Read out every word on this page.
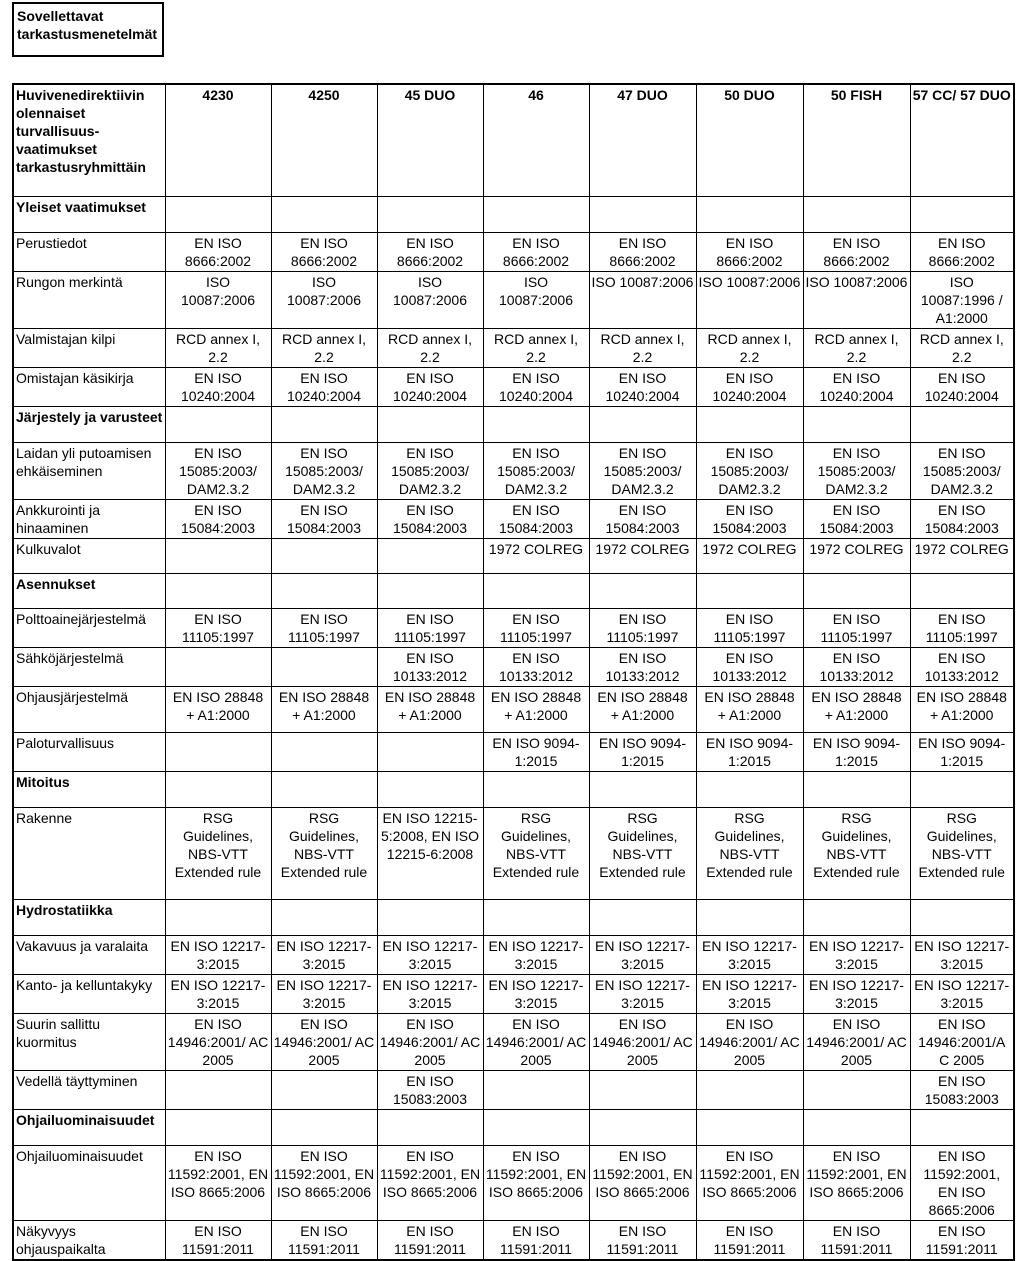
Sovellettavat tarkastusmenetelmät
Huvivenedirektiivin olennaiset turvallisuus-vaatimukset tarkastusryhmittäin	4230	4250	45 DUO	46	47 DUO	50 DUO	50 FISH	57 CC/ 57 DUO
Yleiset vaatimukset								
Perustiedot	EN ISO 8666:2002	EN ISO 8666:2002	EN ISO 8666:2002	EN ISO 8666:2002	EN ISO 8666:2002	EN ISO 8666:2002	EN ISO 8666:2002	EN ISO 8666:2002
Rungon merkintä	ISO 10087:2006	ISO 10087:2006	ISO 10087:2006	ISO 10087:2006	ISO 10087:2006	ISO 10087:2006	ISO 10087:2006	ISO 10087:1996 / A1:2000
Valmistajan kilpi	RCD annex I, 2.2	RCD annex I, 2.2	RCD annex I, 2.2	RCD annex I, 2.2	RCD annex I, 2.2	RCD annex I, 2.2	RCD annex I, 2.2	RCD annex I, 2.2
Omistajan käsikirja	EN ISO 10240:2004	EN ISO 10240:2004	EN ISO 10240:2004	EN ISO 10240:2004	EN ISO 10240:2004	EN ISO 10240:2004	EN ISO 10240:2004	EN ISO 10240:2004
Järjestely ja varusteet								
Laidan yli putoamisen ehkäiseminen	EN ISO 15085:2003/ DAM2.3.2	EN ISO 15085:2003/ DAM2.3.2	EN ISO 15085:2003/ DAM2.3.2	EN ISO 15085:2003/ DAM2.3.2	EN ISO 15085:2003/ DAM2.3.2	EN ISO 15085:2003/ DAM2.3.2	EN ISO 15085:2003/ DAM2.3.2	EN ISO 15085:2003/ DAM2.3.2
Ankkurointi ja hinaaminen	EN ISO 15084:2003	EN ISO 15084:2003	EN ISO 15084:2003	EN ISO 15084:2003	EN ISO 15084:2003	EN ISO 15084:2003	EN ISO 15084:2003	EN ISO 15084:2003
Kulkuvalot				1972 COLREG	1972 COLREG	1972 COLREG	1972 COLREG	1972 COLREG
Asennukset								
Polttoainejärjestelmä	EN ISO 11105:1997	EN ISO 11105:1997	EN ISO 11105:1997	EN ISO 11105:1997	EN ISO 11105:1997	EN ISO 11105:1997	EN ISO 11105:1997	EN ISO 11105:1997
Sähköjärjestelmä			EN ISO 10133:2012	EN ISO 10133:2012	EN ISO 10133:2012	EN ISO 10133:2012	EN ISO 10133:2012	EN ISO 10133:2012
Ohjausjärjestelmä	EN ISO 28848 + A1:2000	EN ISO 28848 + A1:2000	EN ISO 28848 + A1:2000	EN ISO 28848 + A1:2000	EN ISO 28848 + A1:2000	EN ISO 28848 + A1:2000	EN ISO 28848 + A1:2000	EN ISO 28848 + A1:2000
Paloturvallisuus				EN ISO 9094-1:2015	EN ISO 9094-1:2015	EN ISO 9094-1:2015	EN ISO 9094-1:2015	EN ISO 9094-1:2015
Mitoitus								
Rakenne	RSG Guidelines, NBS-VTT Extended rule	RSG Guidelines, NBS-VTT Extended rule	EN ISO 12215-5:2008, EN ISO 12215-6:2008	RSG Guidelines, NBS-VTT Extended rule	RSG Guidelines, NBS-VTT Extended rule	RSG Guidelines, NBS-VTT Extended rule	RSG Guidelines, NBS-VTT Extended rule	RSG Guidelines, NBS-VTT Extended rule
Hydrostatiikka								
Vakavuus ja varalaita	EN ISO 12217-3:2015	EN ISO 12217-3:2015	EN ISO 12217-3:2015	EN ISO 12217-3:2015	EN ISO 12217-3:2015	EN ISO 12217-3:2015	EN ISO 12217-3:2015	EN ISO 12217-3:2015
Kanto- ja kelluntakyky	EN ISO 12217-3:2015	EN ISO 12217-3:2015	EN ISO 12217-3:2015	EN ISO 12217-3:2015	EN ISO 12217-3:2015	EN ISO 12217-3:2015	EN ISO 12217-3:2015	EN ISO 12217-3:2015
Suurin sallittu kuormitus	EN ISO 14946:2001/ AC 2005	EN ISO 14946:2001/ AC 2005	EN ISO 14946:2001/ AC 2005	EN ISO 14946:2001/ AC 2005	EN ISO 14946:2001/ AC 2005	EN ISO 14946:2001/ AC 2005	EN ISO 14946:2001/ AC 2005	EN ISO 14946:2001/A C 2005
Vedellä täyttyminen			EN ISO 15083:2003					EN ISO 15083:2003
Ohjailuominaisuudet								
Ohjailuominaisuudet	EN ISO 11592:2001, EN ISO 8665:2006	EN ISO 11592:2001, EN ISO 8665:2006	EN ISO 11592:2001, EN ISO 8665:2006	EN ISO 11592:2001, EN ISO 8665:2006	EN ISO 11592:2001, EN ISO 8665:2006	EN ISO 11592:2001, EN ISO 8665:2006	EN ISO 11592:2001, EN ISO 8665:2006	EN ISO 11592:2001, EN ISO 8665:2006
Näkyvyys ohjauspaikalta	EN ISO 11591:2011	EN ISO 11591:2011	EN ISO 11591:2011	EN ISO 11591:2011	EN ISO 11591:2011	EN ISO 11591:2011	EN ISO 11591:2011	EN ISO 11591:2011
